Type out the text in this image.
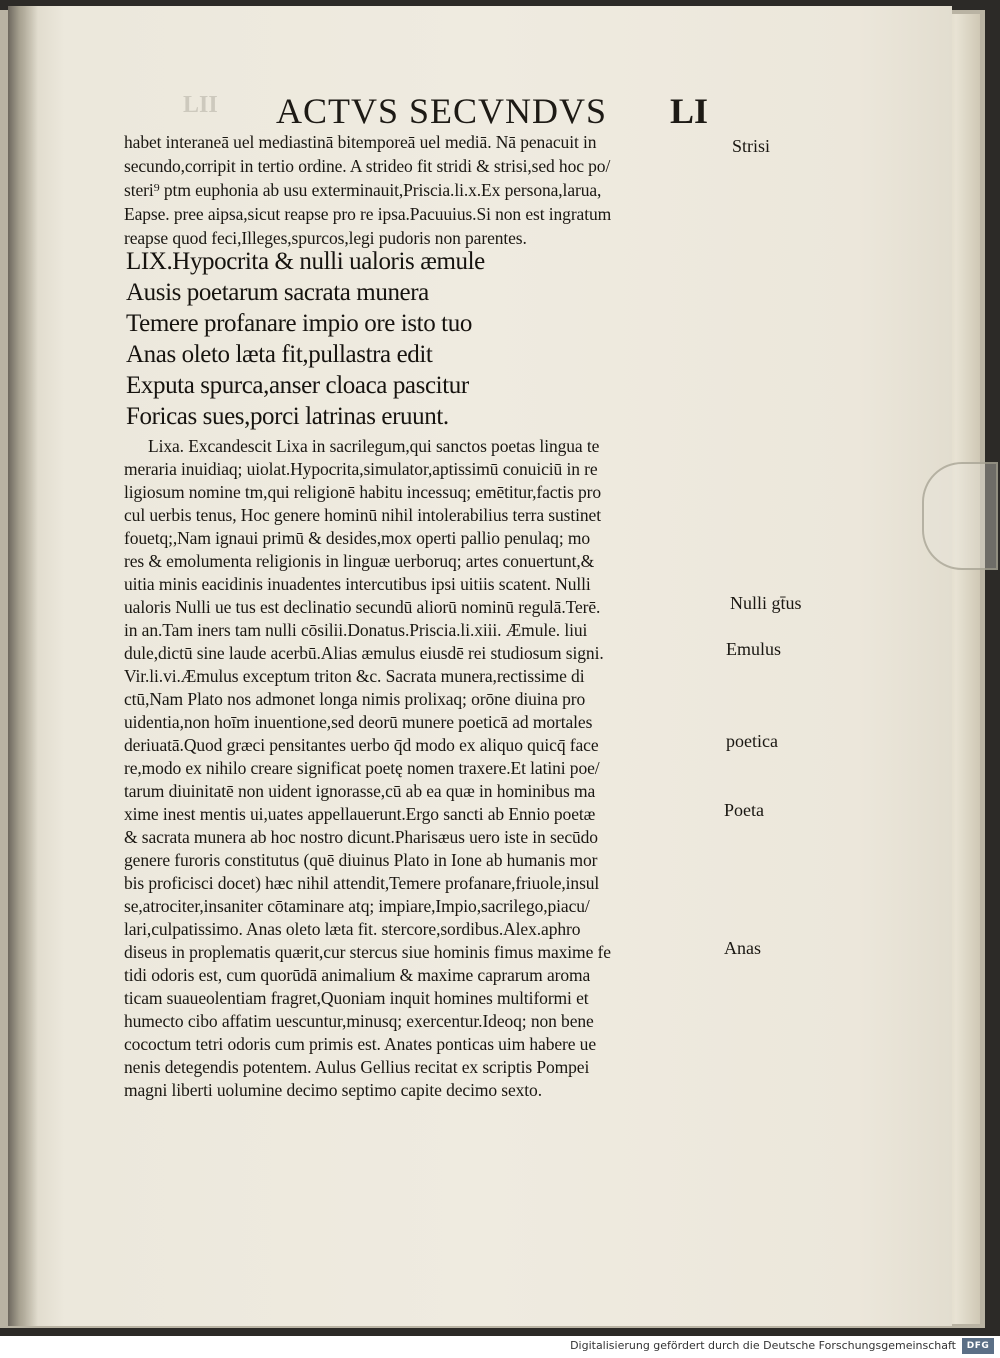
LII ACTVS SECVNDVS LI
habet interaneā uel mediastinā bitemporeā uel mediā. Nā penacuit in
secundo,corripit in tertio ordine. A strideo fit stridi & strisi,sed hoc po/
steri⁹ ptm euphonia ab usu exterminauit,Priscia.li.x.Ex persona,larua,
Eapse. pree aipsa,sicut reapse pro re ipsa.Pacuuius.Si non est ingratum
reapse quod feci,Illeges,spurcos,legi pudoris non parentes.
LIX.Hypocrita & nulli ualoris æmule
Ausis poetarum sacrata munera
Temere profanare impio ore isto tuo
Anas oleto læta fit,pullastra edit
Exputa spurca,anser cloaca pascitur
Foricas sues,porci latrinas eruunt.
Lixa. Excandescit Lixa in sacrilegum,qui sanctos poetas lingua te
meraria inuidiaq; uiolat.Hypocrita,simulator,aptissimū conuiciū in re
ligiosum nomine tm,qui religionē habitu incessuq; emētitur,factis pro
cul uerbis tenus, Hoc genere hominū nihil intolerabilius terra sustinet
fouetq;,Nam ignaui primū & desides,mox operti pallio penulaq; mo
res & emolumenta religionis in linguæ uerboruq; artes conuertunt,&
uitia minis eacidinis inuadentes intercutibus ipsi uitiis scatent. Nulli
ualoris Nulli ue tus est declinatio secundū aliorū nominū regulā.Terē.
in an.Tam iners tam nulli cōsilii.Donatus.Priscia.li.xiii. Æmule. liui
dule,dictū sine laude acerbū.Alias æmulus eiusdē rei studiosum signi.
Vir.li.vi.Æmulus exceptum triton &c. Sacrata munera,rectissime di
ctū,Nam Plato nos admonet longa nimis prolixaq; orōne diuina pro
uidentia,non hoīm inuentione,sed deorū munere poeticā ad mortales
deriuatā.Quod græci pensitantes uerbo q̄d modo ex aliquo quicq̄ face
re,modo ex nihilo creare significat poetę nomen traxere.Et latini poe/
tarum diuinitatē non uident ignorasse,cū ab ea quæ in hominibus ma
xime inest mentis ui,uates appellauerunt.Ergo sancti ab Ennio poetæ
& sacrata munera ab hoc nostro dicunt.Pharisæus uero iste in secūdo
genere furoris constitutus (quē diuinus Plato in Ione ab humanis mor
bis proficisci docet) hæc nihil attendit,Temere profanare,friuole,insul
se,atrociter,insaniter cōtaminare atq; impiare,Impio,sacrilego,piacu/
lari,culpatissimo. Anas oleto læta fit. stercore,sordibus.Alex.aphro
diseus in proplematis quærit,cur stercus siue hominis fimus maxime fe
tidi odoris est, cum quorūdā animalium & maxime caprarum aroma
ticam suaueolentiam fragret,Quoniam inquit homines multiformi et
humecto cibo affatim uescuntur,minusq; exercentur.Ideoq; non bene
cococtum tetri odoris cum primis est. Anates ponticas uim habere ue
nenis detegendis potentem. Aulus Gellius recitat ex scriptis Pompei
magni liberti uolumine decimo septimo capite decimo sexto.
Strisi
Nulli gt̄us
Emulus
poetica
Poeta
Anas
Digitalisierung gefördert durch die Deutsche Forschungsgemeinschaft	DFG
